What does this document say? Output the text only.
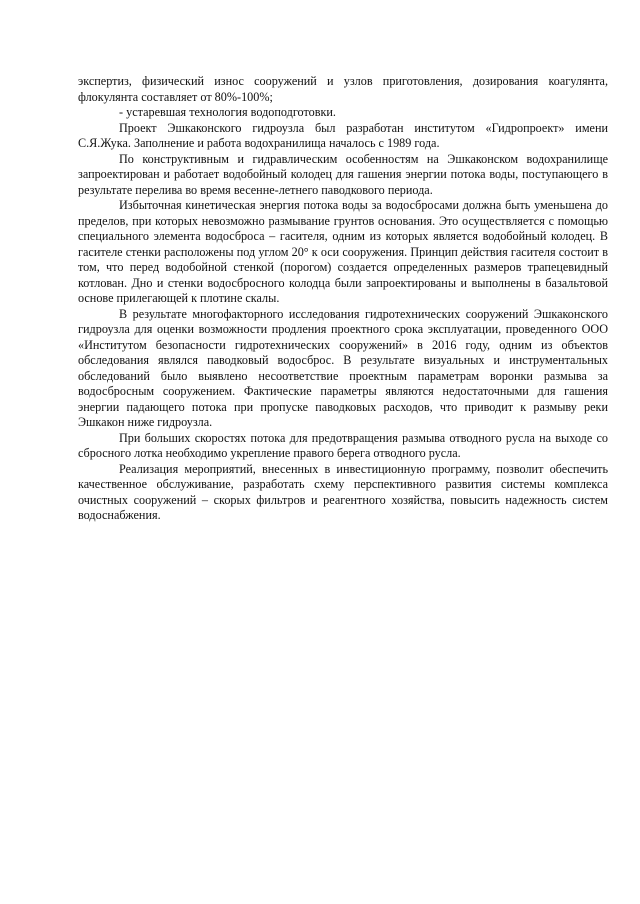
экспертиз, физический износ сооружений и узлов приготовления, дозирования коагулянта, флокулянта составляет от 80%-100%;

- устаревшая технология водоподготовки.

Проект Эшкаконского гидроузла был разработан институтом «Гидропроект» имени С.Я.Жука. Заполнение и работа водохранилища началось с 1989 года.

По конструктивным и гидравлическим особенностям на Эшкаконском водохранилище запроектирован и работает водобойный колодец для гашения энергии потока воды, поступающего в результате перелива во время весенне-летнего паводкового периода.

Избыточная кинетическая энергия потока воды за водосбросами должна быть уменьшена до пределов, при которых невозможно размывание грунтов основания. Это осуществляется с помощью специального элемента водосброса – гасителя, одним из которых является водобойный колодец. В гасителе стенки расположены под углом 20° к оси сооружения. Принцип действия гасителя состоит в том, что перед водобойной стенкой (порогом) создается определенных размеров трапецевидный котлован. Дно и стенки водосбросного колодца были запроектированы и выполнены в базальтовой основе прилегающей к плотине скалы.

В результате многофакторного исследования гидротехнических сооружений Эшкаконского гидроузла для оценки возможности продления проектного срока эксплуатации, проведенного ООО «Институтом безопасности гидротехнических сооружений» в 2016 году, одним из объектов обследования являлся паводковый водосброс. В результате визуальных и инструментальных обследований было выявлено несоответствие проектным параметрам воронки размыва за водосбросным сооружением. Фактические параметры являются недостаточными для гашения энергии падающего потока при пропуске паводковых расходов, что приводит к размыву реки Эшкакон ниже гидроузла.

При больших скоростях потока для предотвращения размыва отводного русла на выходе со сбросного лотка необходимо укрепление правого берега отводного русла.

Реализация мероприятий, внесенных в инвестиционную программу, позволит обеспечить качественное обслуживание, разработать схему перспективного развития системы комплекса очистных сооружений – скорых фильтров и реагентного хозяйства, повысить надежность систем водоснабжения.
